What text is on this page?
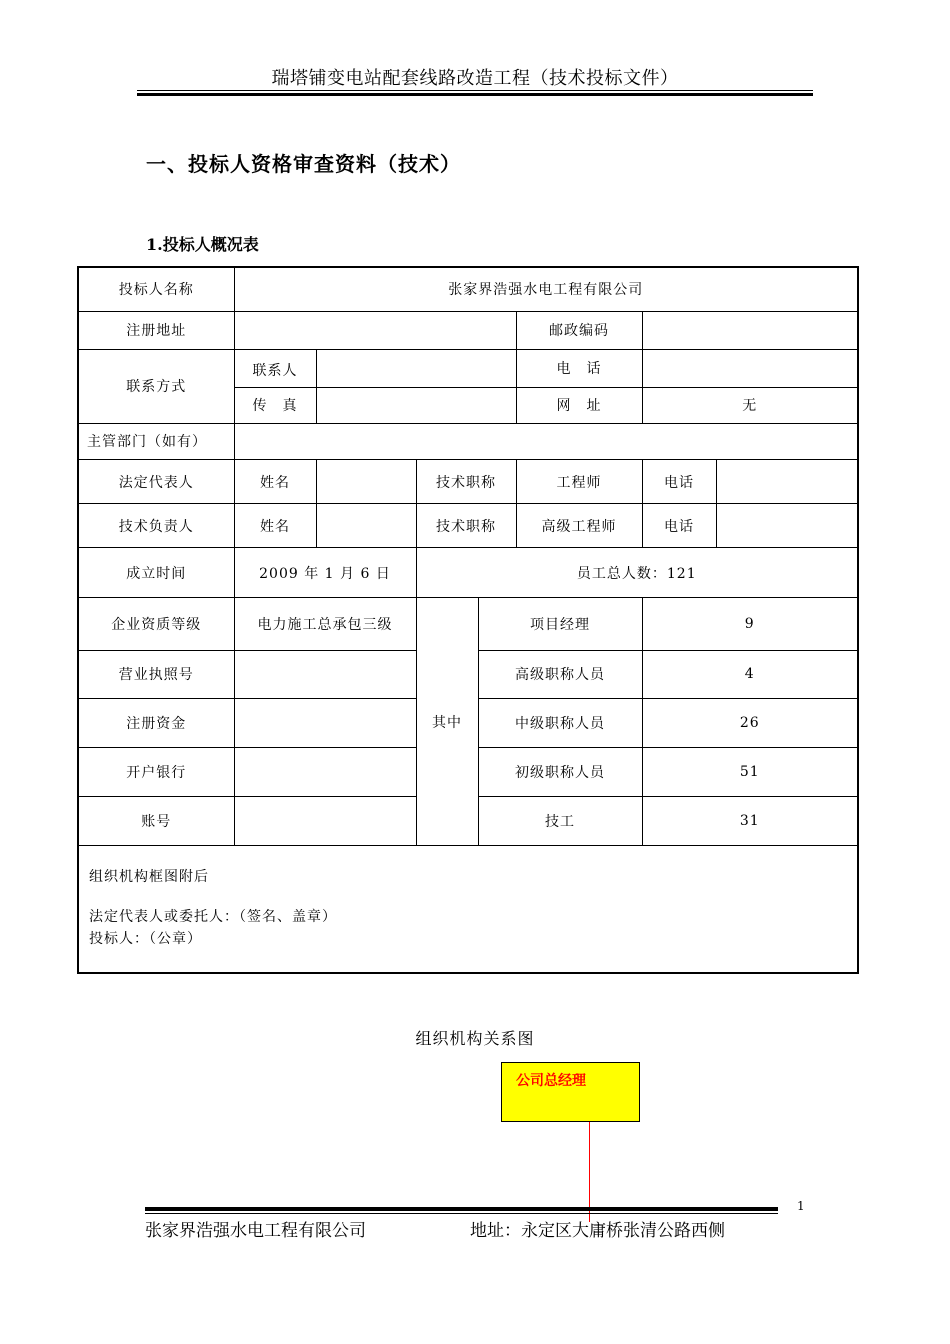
瑞塔铺变电站配套线路改造工程（技术投标文件）
一、投标人资格审查资料（技术）
1.投标人概况表
投标人名称	张家界浩强水电工程有限公司						
注册地址					邮政编码		
联系方式	联系人				电　话		
	传　真				网　址	无	
主管部门（如有）							
法定代表人	姓名		技术职称		工程师	电话	
技术负责人	姓名		技术职称		高级工程师	电话	
成立时间	2009 年 1 月 6 日		员工总人数：121				
企业资质等级	电力施工总承包三级		其中	项目经理		9	
营业执照号				高级职称人员		4	
注册资金				中级职称人员		26	
开户银行				初级职称人员		51	
账号				技工		31	

组织机构框图附后
法定代表人或委托人：（签名、盖章）
投标人：（公章）							
组织机构关系图
公司总经理
1
张家界浩强水电工程有限公司	地址：永定区大庸桥张清公路西侧
